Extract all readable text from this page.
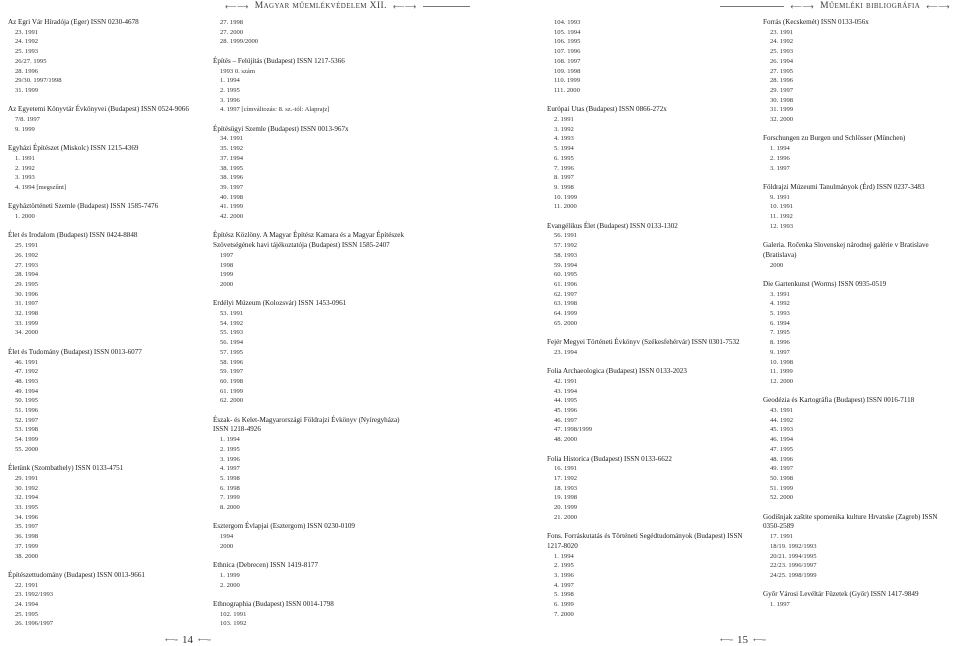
⟵⟶ Magyar műemlékvédelem XII. ⟵⟶	⟵⟶ Műemléki bibliográfia ⟵⟶
Az Egri Vár Híradója (Eger) ISSN 0230-4678
23. 1991
24. 1992
25. 1993
26/27. 1995
28. 1996
29/30. 1997/1998
31. 1999
Az Egyetemi Könyvtár Évkönyvei (Budapest) ISSN 0524-9066
7/8. 1997
9. 1999
Egyházi Építészet (Miskolc) ISSN 1215-4369
1. 1991
2. 1992
3. 1993
4. 1994 [megszűnt]
Egyháztörténeti Szemle (Budapest) ISSN 1585-7476
1. 2000
Élet és Irodalom (Budapest) ISSN 0424-8848
25. 1991
26. 1992
27. 1993
28. 1994
29. 1995
30. 1996
31. 1997
32. 1998
33. 1999
34. 2000
Élet és Tudomány (Budapest) ISSN 0013-6077
46. 1991
47. 1992
48. 1993
49. 1994
50. 1995
51. 1996
52. 1997
53. 1998
54. 1999
55. 2000
Életünk (Szombathely) ISSN 0133-4751
29. 1991
30. 1992
32. 1994
33. 1995
34. 1996
35. 1997
36. 1998
37. 1999
38. 2000
Építészettudomány (Budapest) ISSN 0013-9661
22. 1991
23. 1992/1993
24. 1994
25. 1995
26. 1996/1997
27. 1998
27. 2000
28. 1999/2000
Építés – Felújítás (Budapest) ISSN 1217-5366
1993 0. szám
1. 1994
2. 1995
3. 1996
4. 1997 [címváltozás: 8. sz.-tól: Alaprajz]
Építésügyi Szemle (Budapest) ISSN 0013-967x
34. 1991
35. 1992
37. 1994
38. 1995
38. 1996
39. 1997
40. 1998
41. 1999
42. 2000
Építész Közlöny. A Magyar Építész Kamara és a Magyar Építészek Szövetségének havi tájékoztatója (Budapest) ISSN 1585-2407
1997
1998
1999
2000
Erdélyi Múzeum (Kolozsvár) ISSN 1453-0961
53. 1991
54. 1992
55. 1993
56. 1994
57. 1995
58. 1996
59. 1997
60. 1998
61. 1999
62. 2000
Észak- és Kelet-Magyarországi Földrajzi Évkönyv (Nyíregyháza) ISSN 1218-4926
1. 1994
2. 1995
3. 1996
4. 1997
5. 1998
6. 1998
7. 1999
8. 2000
Esztergom Évlapjai (Esztergom) ISSN 0230-0109
1994
2000
Ethnica (Debrecen) ISSN 1419-8177
1. 1999
2. 2000
Ethnographia (Budapest) ISSN 0014-1798
102. 1991
103. 1992
104. 1993
105. 1994
106. 1995
107. 1996
108. 1997
109. 1998
110. 1999
111. 2000
Európai Utas (Budapest) ISSN 0866-272x
2. 1991
3. 1992
4. 1993
5. 1994
6. 1995
7. 1996
8. 1997
9. 1998
10. 1999
11. 2000
Evangélikus Élet (Budapest) ISSN 0133-1302
56. 1991
57. 1992
58. 1993
59. 1994
60. 1995
61. 1996
62. 1997
63. 1998
64. 1999
65. 2000
Fejér Megyei Történeti Évkönyv (Székesfehérvár) ISSN 0301-7532
23. 1994
Folia Archaeologica (Budapest) ISSN 0133-2023
42. 1991
43. 1994
44. 1995
45. 1996
46. 1997
47. 1998/1999
48. 2000
Folia Historica (Budapest) ISSN 0133-6622
16. 1991
17. 1992
18. 1993
19. 1998
20. 1999
21. 2000
Fons. Forráskutatás és Történeti Segédtudományok (Budapest) ISSN 1217-8020
1. 1994
2. 1995
3. 1996
4. 1997
5. 1998
6. 1999
7. 2000
Forrás (Kecskemét) ISSN 0133-056x
23. 1991
24. 1992
25. 1993
26. 1994
27. 1995
28. 1996
29. 1997
30. 1998
31. 1999
32. 2000
Forschungen zu Burgen und Schlösser (München)
1. 1994
2. 1996
3. 1997
Földrajzi Múzeumi Tanulmányok (Érd) ISSN 0237-3483
9. 1991
10. 1991
11. 1992
12. 1993
Galeria. Ročenka Slovenskej národnej galérie v Bratislave (Bratislava)
2000
Die Gartenkunst (Worms) ISSN 0935-0519
3. 1991
4. 1992
5. 1993
6. 1994
7. 1995
8. 1996
9. 1997
10. 1998
11. 1999
12. 2000
Geodézia és Kartográfia (Budapest) ISSN 0016-7118
43. 1991
44. 1992
45. 1993
46. 1994
47. 1995
48. 1996
49. 1997
50. 1998
51. 1999
52. 2000
Godišnjak zaštite spomenika kulture Hrvatske (Zagreb) ISSN 0350-2589
17. 1991
18/19. 1992/1993
20/21. 1994/1995
22/23. 1996/1997
24/25. 1998/1999
Győr Városi Levéltár Füzetek (Győr) ISSN 1417-9849
1. 1997
⟵◦◦ 14 ⟵◦◦	⟵◦◦ 15 ⟵◦◦
